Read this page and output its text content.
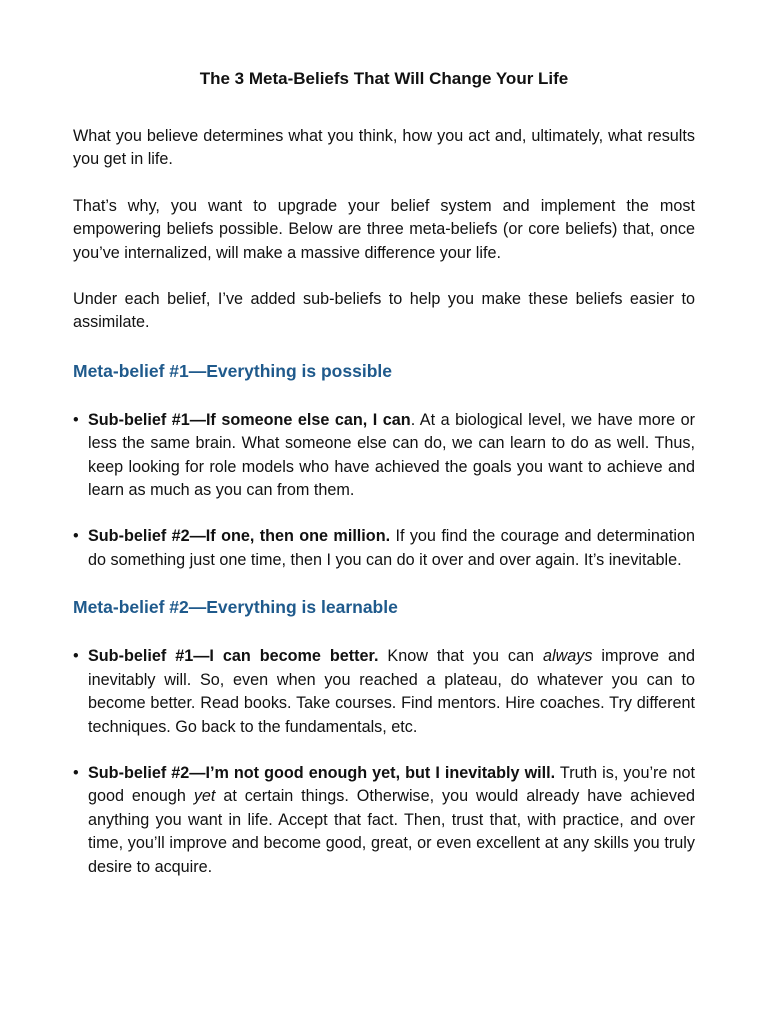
The 3 Meta-Beliefs That Will Change Your Life

What you believe determines what you think, how you act and, ultimately, what results you get in life.

That’s why, you want to upgrade your belief system and implement the most empowering beliefs possible. Below are three meta-beliefs (or core beliefs) that, once you’ve internalized, will make a massive difference your life.

Under each belief, I’ve added sub-beliefs to help you make these beliefs easier to assimilate.

Meta-belief #1—Everything is possible
• Sub-belief #1—If someone else can, I can. At a biological level, we have more or less the same brain. What someone else can do, we can learn to do as well. Thus, keep looking for role models who have achieved the goals you want to achieve and learn as much as you can from them.
• Sub-belief #2—If one, then one million. If you find the courage and determination do something just one time, then I you can do it over and over again. It’s inevitable.
Meta-belief #2—Everything is learnable
• Sub-belief #1—I can become better. Know that you can always improve and inevitably will. So, even when you reached a plateau, do whatever you can to become better. Read books. Take courses. Find mentors. Hire coaches. Try different techniques. Go back to the fundamentals, etc.
• Sub-belief #2—I’m not good enough yet, but I inevitably will. Truth is, you’re not good enough yet at certain things. Otherwise, you would already have achieved anything you want in life. Accept that fact. Then, trust that, with practice, and over time, you’ll improve and become good, great, or even excellent at any skills you truly desire to acquire.
